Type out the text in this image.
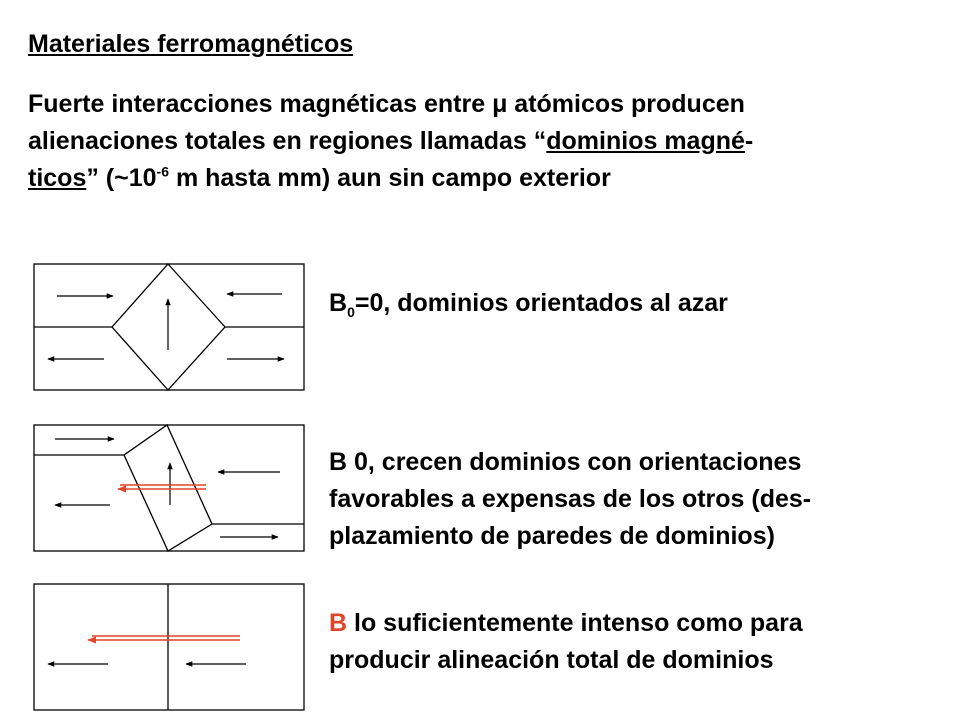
Materiales ferromagnéticos
Fuerte interacciones magnéticas entre μ atómicos producen
alienaciones totales en regiones llamadas “dominios magné-
ticos” ($\sim 10^{-6}$ m hasta mm) aun sin campo exterior
$B_0=0$, dominios orientados al azar
B 0, crecen dominios con orientaciones
favorables a expensas de los otros (des-
plazamiento de paredes de dominios)
B lo suficientemente intenso como para
producir alineación total de dominios
